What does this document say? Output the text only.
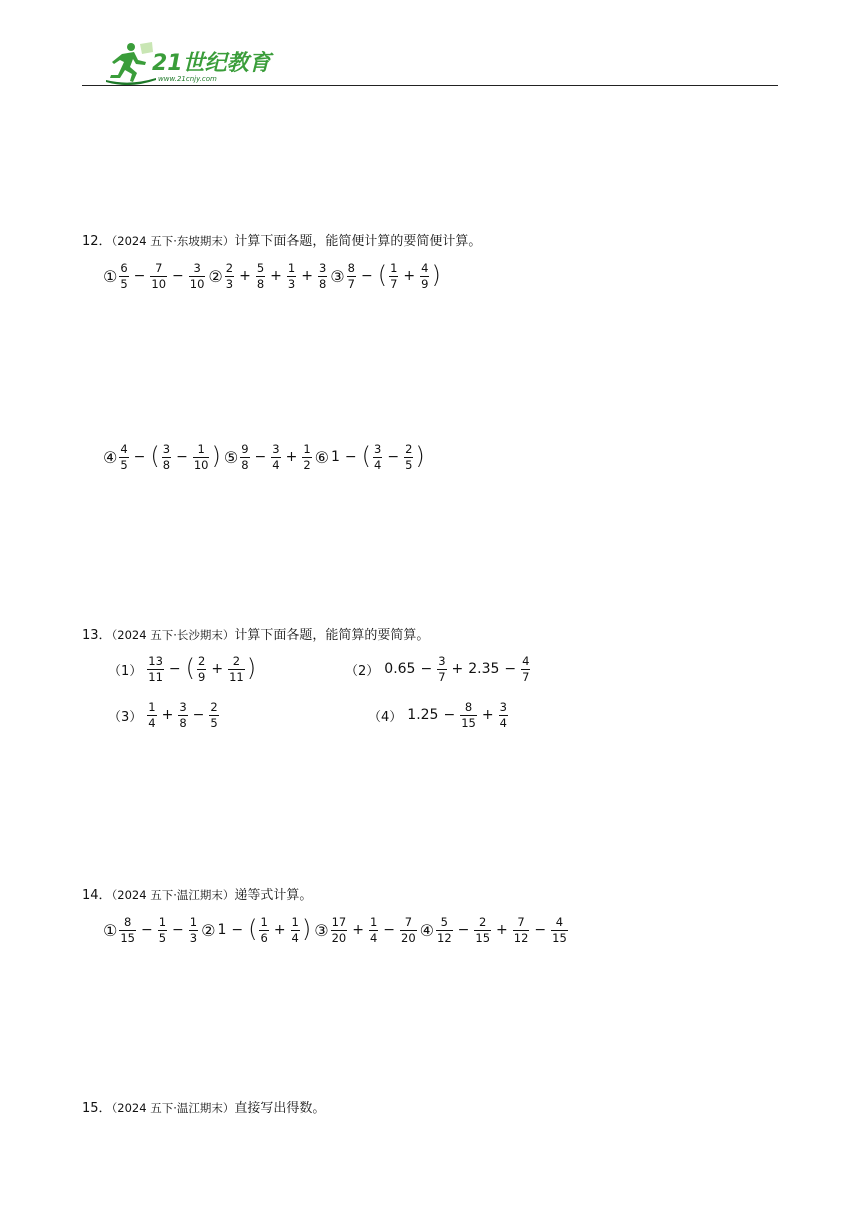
21世纪教育
www.21cnjy.com
12．（2024 五下·东坡期末）计算下面各题，能简便计算的要简便计算。
① $\frac{6}{5} - \frac{7}{10} - \frac{3}{10}$ ② $\frac{2}{3} + \frac{5}{8} + \frac{1}{3} + \frac{3}{8}$ ③ $\frac{8}{7}$ − ( $\frac{1}{7} + \frac{4}{9}$ )
④ $\frac{4}{5}$ − ( $\frac{3}{8} - \frac{1}{10}$ ) ⑤ $\frac{9}{8} - \frac{3}{4} + \frac{1}{2}$ ⑥ 1 − ( $\frac{3}{4} - \frac{2}{5}$ )
13．（2024 五下·长沙期末）计算下面各题，能简算的要简算。
$(1) \frac{13}{11}$ − ( $\frac{2}{9} + \frac{2}{11}$ )	（2） $0.65 - \frac{3}{7} + 2.35 - \frac{4}{7}$
$(3) \frac{1}{4} + \frac{3}{8} - \frac{2}{5}$	（4） $1.25 - \frac{8}{15} + \frac{3}{4}$
14．（2024 五下·温江期末）递等式计算。
① $\frac{8}{15} - \frac{1}{5} - \frac{1}{3}$ ② 1 − ( $\frac{1}{6} + \frac{1}{4}$ ) ③ $\frac{17}{20} + \frac{1}{4} - \frac{7}{20}$ ④ $\frac{5}{12} - \frac{2}{15} + \frac{7}{12} - \frac{4}{15}$
15．（2024 五下·温江期末）直接写出得数。
